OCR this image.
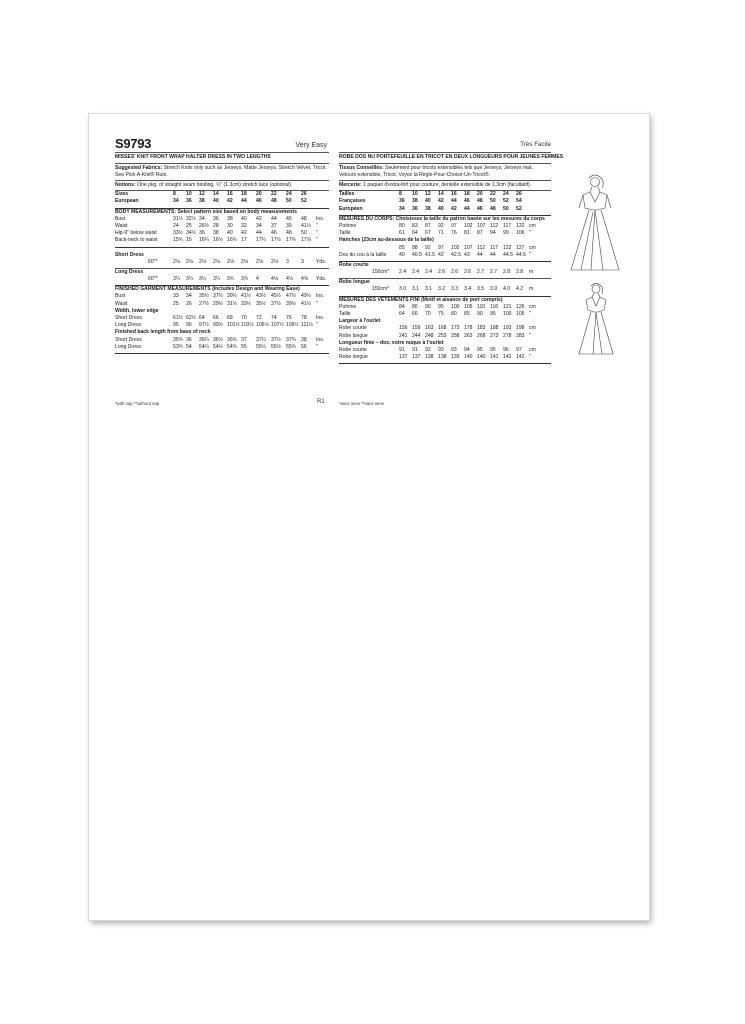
S9793	Very Easy
MISSES' KNIT FRONT WRAP HALTER DRESS IN TWO LENGTHS
Suggested Fabrics: Stretch Knits only such as Jerseys, Matte Jerseys, Stretch Velvet, Tricot. See Pick-A-Knit® Rule.
Notions: One pkg. of straight seam binding, ½" (1.3cm) stretch lace (optional).
Sizes	8 10 12 14 16 18 20 22 24 26
European	34 36 38 40 42 44 46 48 50 52
BODY MEASUREMENTS: Select pattern size based on body measurements
Bust	31½ 32½ 34 36 38 40 42 44 46 48 Ins.
Waist	24 25 26½ 28 30 32 34 37 39 41½ "
Hip-9" below waist	33½ 34½ 36 38 40 42 44 46 48 50 "
Back-neck to waist	15¾ 16 16¼ 16½ 16¾ 17 17¼ 17½ 17¾ 17⅞ "
Short Dress
60"*	2⅛ 2⅛ 2⅛ 2⅛ 2⅛ 2⅛ 2⅛ 2⅛ 3 3 Yds.
Long Dress
60"*	3¼ 3¼ 3¼ 3¼ 3¾ 3¾ 4 4⅛ 4½ 4⅝ Yds.
FINISHED GARMENT MEASUREMENTS (Includes Design and Wearing Ease)
Bust	33 34 35½ 37½ 39½ 41½ 43½ 45½ 47½ 49½ Ins.
Waist	25 26 27½ 29½ 31½ 33½ 35½ 37½ 39½ 41½ "
Width, lower edge
Short Dress	61½ 62½ 64 66 68 70 72 74 76 78 Ins.
Long Dress	95 96 97½ 99½ 101½ 103½ 105½ 107½ 109½ 111½ "
Finished back length from base of neck
Short Dress	35¾ 36 36¼ 36½ 36¾ 37 37¼ 37½ 37¾ 38 Ins.
Long Dress	53¾ 54 54¼ 54½ 54¾ 55 55¼ 55½ 55¾ 56 "
Très Facile
ROBE DOS NU PORTEFEUILLE EN TRICOT EN DEUX LONGUEURS POUR JEUNES FEMMES
Tissus Conseillés: Seulement pour tricots extensibles tels que Jerseys, Jerseys mat, Velours extensible, Tricot. Voyez la Règle-Pour-Choisir-Un-Tricot®.
Mercerie: 1 paquet d'extra-fort pour couture, dentelle extensible de 1,3cm (facultatif).
Tailles	8 10 12 14 16 18 20 22 24 26
Françaises	36 38 40 42 44 46 48 50 52 54
Européen	34 36 38 40 42 44 46 48 50 52
MESURES DU CORPS: Choisissez la taille du patron basée sur les mesures du corps
Poitrine	80 83 87 92 97 102 107 112 117 122 cm
Taille	61 64 67 71 76 81 87 94 99 106 "
Hanches (23cm au-dessous de la taille)
85 88 92 97 102 107 112 117 122 127 cm
Dos du cou à la taille 40 40.5 41.5 42 42.5 43 44 44 44.5 44.5 "
Robe courte
150cm* 2.4 2.4 2.4 2.6 2.6 2.6 2.7 2.7 2.8 2.8 m
Robe longue
150cm* 3.0 3.1 3.1 3.2 3.3 3.4 3.5 3.9 4.0 4.2 m
MESURES DES VÊTEMENTS FINI (Motif et aisance de port compris)
Poitrine	84 86 90 95 100 105 110 116 121 126 cm
Taille	64 66 70 75 80 85 90 95 100 105 "
Largeur à l'ourlet
Robe courte	156 159 163 168 173 178 183 188 193 198 cm
Robe longue	241 244 248 253 258 263 268 273 278 283 "
Longueur finie – dos, votre nuque à l'ourlet
Robe courte	91 91 92 93 93 94 95 95 96 97 cm
Robe longue	137 137 138 138 139 140 140 141 142 142 "
*with nap **without nap	R1	*avec sens **sans sens
